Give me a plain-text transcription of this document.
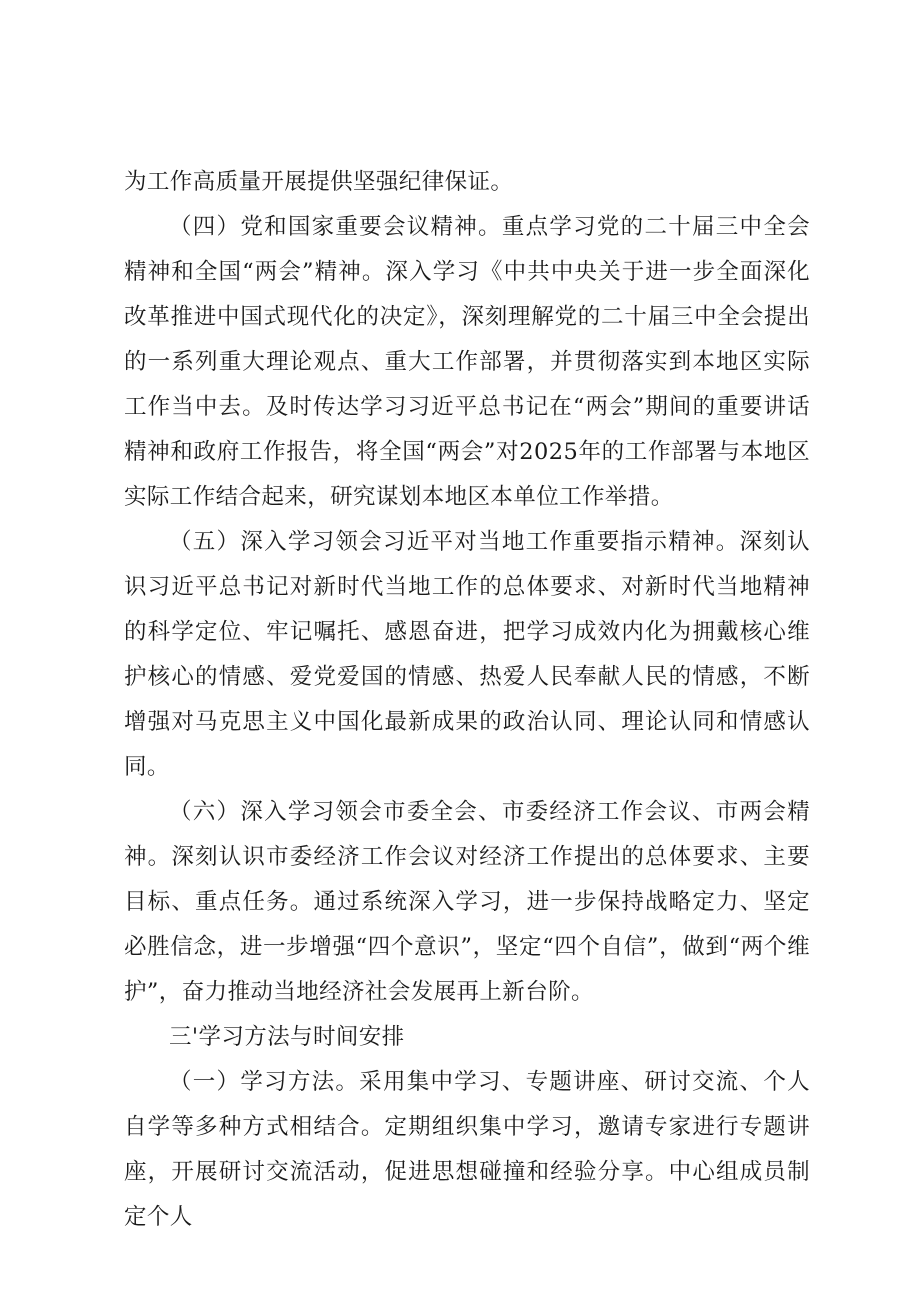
为工作高质量开展提供坚强纪律保证。

（四）党和国家重要会议精神。重点学习党的二十届三中全会精神和全国“两会”精神。深入学习《中共中央关于进一步全面深化改革推进中国式现代化的决定》，深刻理解党的二十届三中全会提出的一系列重大理论观点、重大工作部署，并贯彻落实到本地区实际工作当中去。及时传达学习习近平总书记在“两会”期间的重要讲话精神和政府工作报告，将全国“两会”对2025年的工作部署与本地区实际工作结合起来，研究谋划本地区本单位工作举措。

（五）深入学习领会习近平对当地工作重要指示精神。深刻认识习近平总书记对新时代当地工作的总体要求、对新时代当地精神的科学定位、牢记嘱托、感恩奋进，把学习成效内化为拥戴核心维护核心的情感、爱党爱国的情感、热爱人民奉献人民的情感，不断增强对马克思主义中国化最新成果的政治认同、理论认同和情感认同。

（六）深入学习领会市委全会、市委经济工作会议、市两会精神。深刻认识市委经济工作会议对经济工作提出的总体要求、主要目标、重点任务。通过系统深入学习，进一步保持战略定力、坚定必胜信念，进一步增强“四个意识”，坚定“四个自信”，做到“两个维护”，奋力推动当地经济社会发展再上新台阶。

三'学习方法与时间安排

（一）学习方法。采用集中学习、专题讲座、研讨交流、个人自学等多种方式相结合。定期组织集中学习，邀请专家进行专题讲座，开展研讨交流活动，促进思想碰撞和经验分享。中心组成员制定个人
